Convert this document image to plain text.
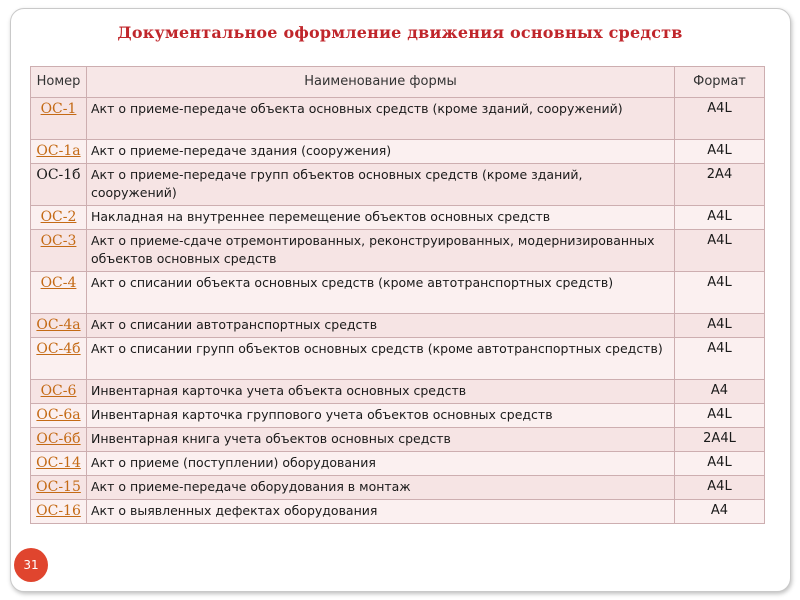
Документальное оформление движения основных средств
Номер	Наименование формы	Формат
ОС-1	Акт о приеме-передаче объекта основных средств (кроме зданий, сооружений)	А4L
ОС-1а	Акт о приеме-передаче здания (сооружения)	А4L
ОС-1б	Акт о приеме-передаче групп объектов основных средств (кроме зданий, сооружений)	2А4
ОС-2	Накладная на внутреннее перемещение объектов основных средств	А4L
ОС-3	Акт о приеме-сдаче отремонтированных, реконструированных, модернизированных объектов основных средств	А4L
ОС-4	Акт о списании объекта основных средств (кроме автотранспортных средств)	А4L
ОС-4а	Акт о списании автотранспортных средств	А4L
ОС-4б	Акт о списании групп объектов основных средств (кроме автотранспортных средств)	А4L
ОС-6	Инвентарная карточка учета объекта основных средств	А4
ОС-6а	Инвентарная карточка группового учета объектов основных средств	А4L
ОС-6б	Инвентарная книга учета объектов основных средств	2А4L
ОС-14	Акт о приеме (поступлении) оборудования	А4L
ОС-15	Акт о приеме-передаче оборудования в монтаж	А4L
ОС-16	Акт о выявленных дефектах оборудования	А4
31
